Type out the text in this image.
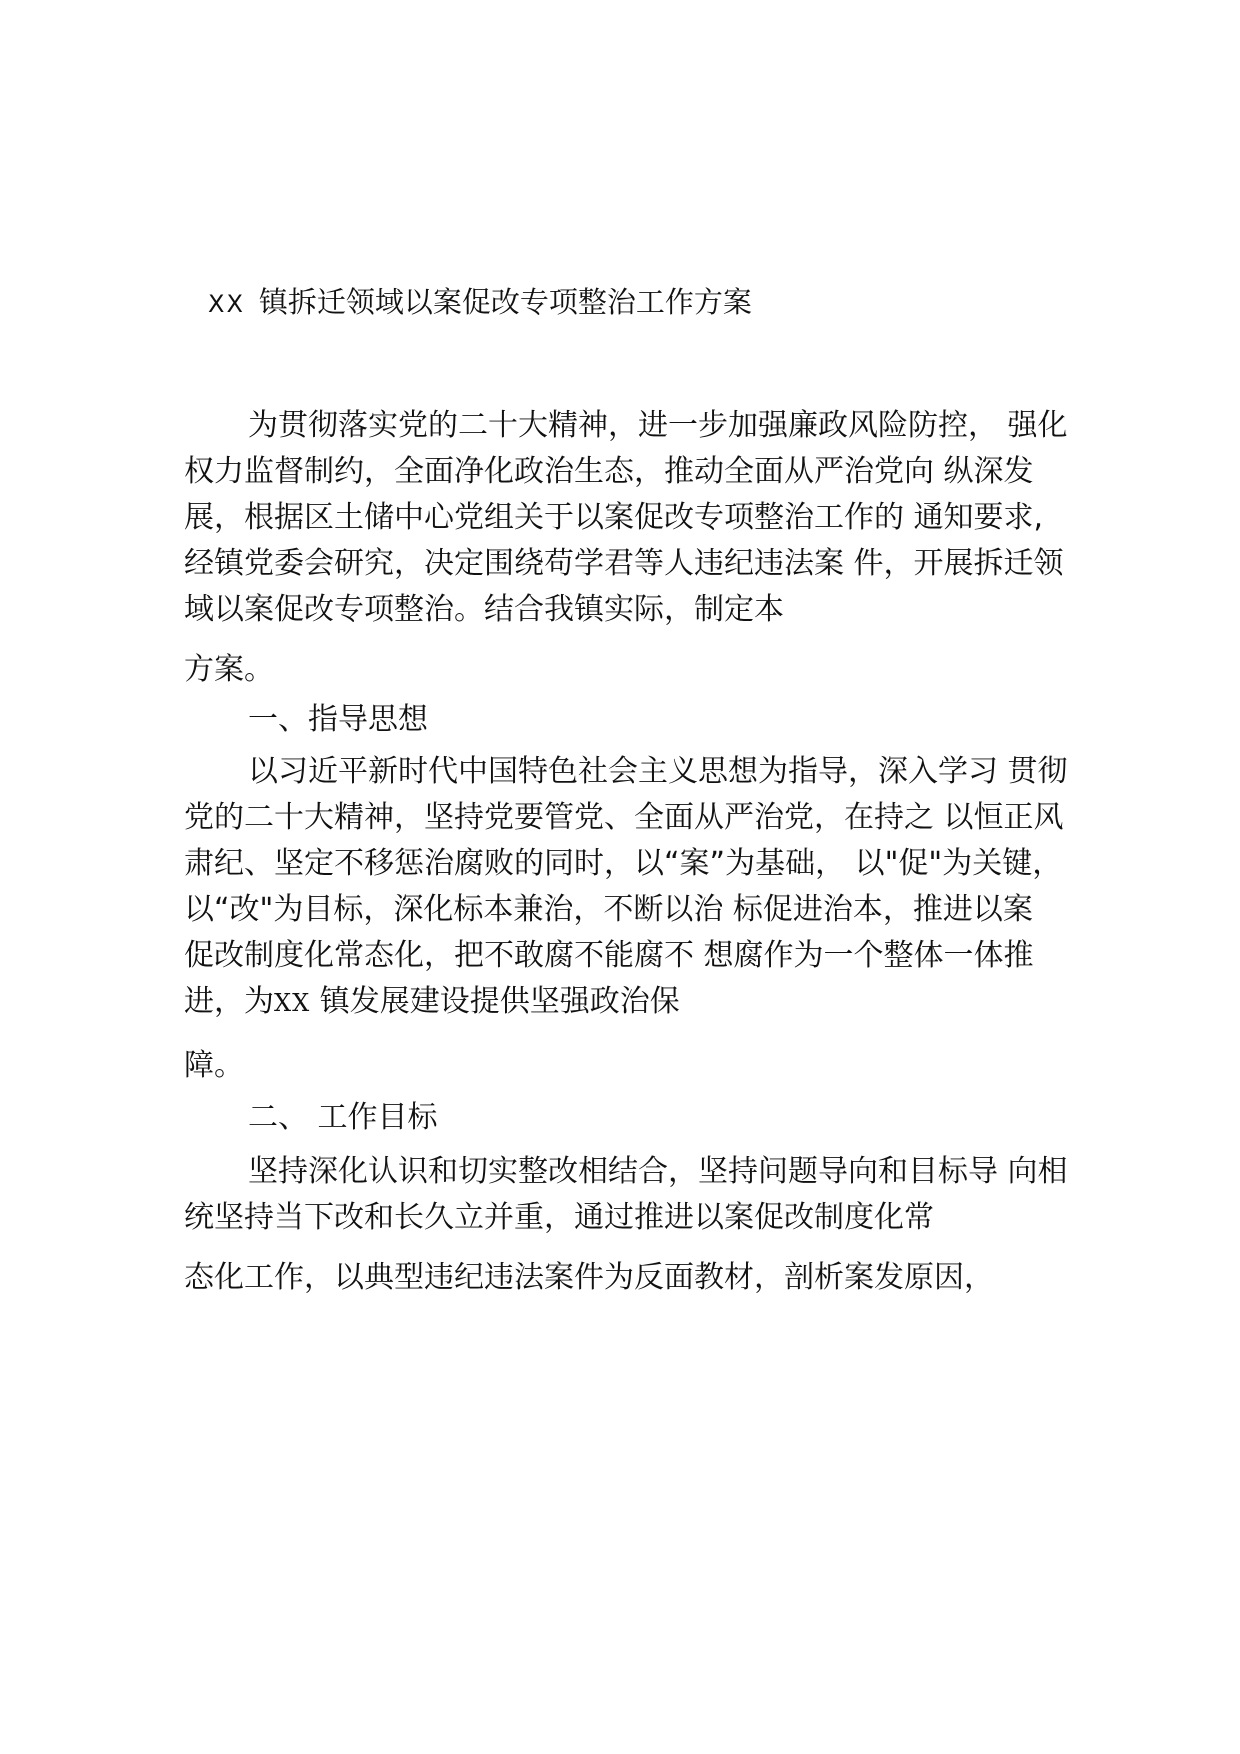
XX 镇拆迁领域以案促改专项整治工作方案
为贯彻落实党的二十大精神，进一步加强廉政风险防控， 强化
权力监督制约，全面净化政治生态，推动全面从严治党向 纵深发
展，根据区土储中心党组关于以案促改专项整治工作的 通知要求,
经镇党委会研究，决定围绕苟学君等人违纪违法案 件，开展拆迁领
域以案促改专项整治。结合我镇实际，制定本
方案。
一、指导思想
以习近平新时代中国特色社会主义思想为指导，深入学习 贯彻
党的二十大精神，坚持党要管党、全面从严治党，在持之 以恒正风
肃纪、坚定不移惩治腐败的同时，以“案”为基础， 以"促"为关键，
以“改"为目标，深化标本兼治，不断以治 标促进治本，推进以案
促改制度化常态化，把不敢腐不能腐不 想腐作为一个整体一体推
进，为XX 镇发展建设提供坚强政治保
障。
二、 工作目标
坚持深化认识和切实整改相结合，坚持问题导向和目标导 向相
统坚持当下改和长久立并重，通过推进以案促改制度化常
态化工作，以典型违纪违法案件为反面教材，剖析案发原因，
